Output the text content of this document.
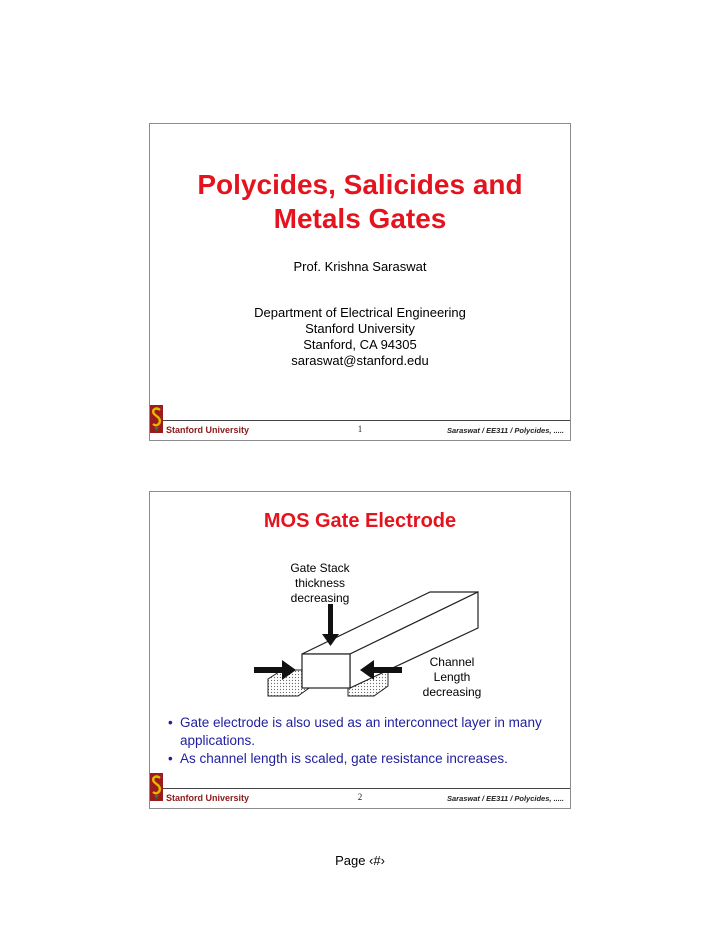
Polycides, Salicides and
Metals Gates
Prof. Krishna Saraswat
Department of Electrical Engineering
Stanford University
Stanford, CA 94305
saraswat@stanford.edu
Stanford University	1	Saraswat / EE311 / Polycides, .....
MOS Gate Electrode
Gate Stack
thickness
decreasing
Channel
Length
decreasing
• Gate electrode is also used as an interconnect layer in many applications.
• As channel length is scaled, gate resistance increases.
Stanford University	2	Saraswat / EE311 / Polycides, .....
Page ‹#›
